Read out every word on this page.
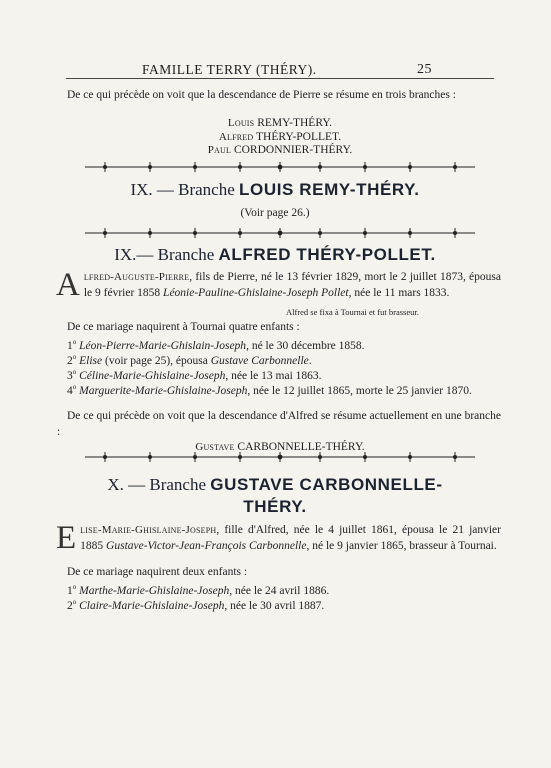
FAMILLE TERRY (THÉRY).	25
De ce qui précède on voit que la descendance de Pierre se résume en trois branches :
Louis REMY-THÉRY.
Alfred THÉRY-POLLET.
Paul CORDONNIER-THÉRY.
IX. — Branche LOUIS REMY-THÉRY.
(Voir page 26.)
IX.— Branche ALFRED THÉRY-POLLET.
Alfred-Auguste-Pierre, fils de Pierre, né le 13 février 1829, mort le 2 juillet 1873, épousa le 9 février 1858 Léonie-Pauline-Ghislaine-Joseph Pollet, née le 11 mars 1833.
Alfred se fixa à Tournai et fut brasseur.
De ce mariage naquirent à Tournai quatre enfants :
1$^o$ Léon-Pierre-Marie-Ghislain-Joseph, né le 30 décembre 1858.
2$^o$ Elise (voir page 25), épousa Gustave Carbonnelle.
3$^o$ Céline-Marie-Ghislaine-Joseph, née le 13 mai 1863.
4$^o$ Marguerite-Marie-Ghislaine-Joseph, née le 12 juillet 1865, morte le 25 janvier 1870.
De ce qui précède on voit que la descendance d'Alfred se résume actuellement en une branche :
Gustave CARBONNELLE-THÉRY.
X. — Branche GUSTAVE CARBONNELLE-
THÉRY.
Elise-Marie-Ghislaine-Joseph, fille d'Alfred, née le 4 juillet 1861, épousa le 21 janvier 1885 Gustave-Victor-Jean-François Carbonnelle, né le 9 janvier 1865, brasseur à Tournai.
De ce mariage naquirent deux enfants :
1$^o$ Marthe-Marie-Ghislaine-Joseph, née le 24 avril 1886.
2$^o$ Claire-Marie-Ghislaine-Joseph, née le 30 avril 1887.
